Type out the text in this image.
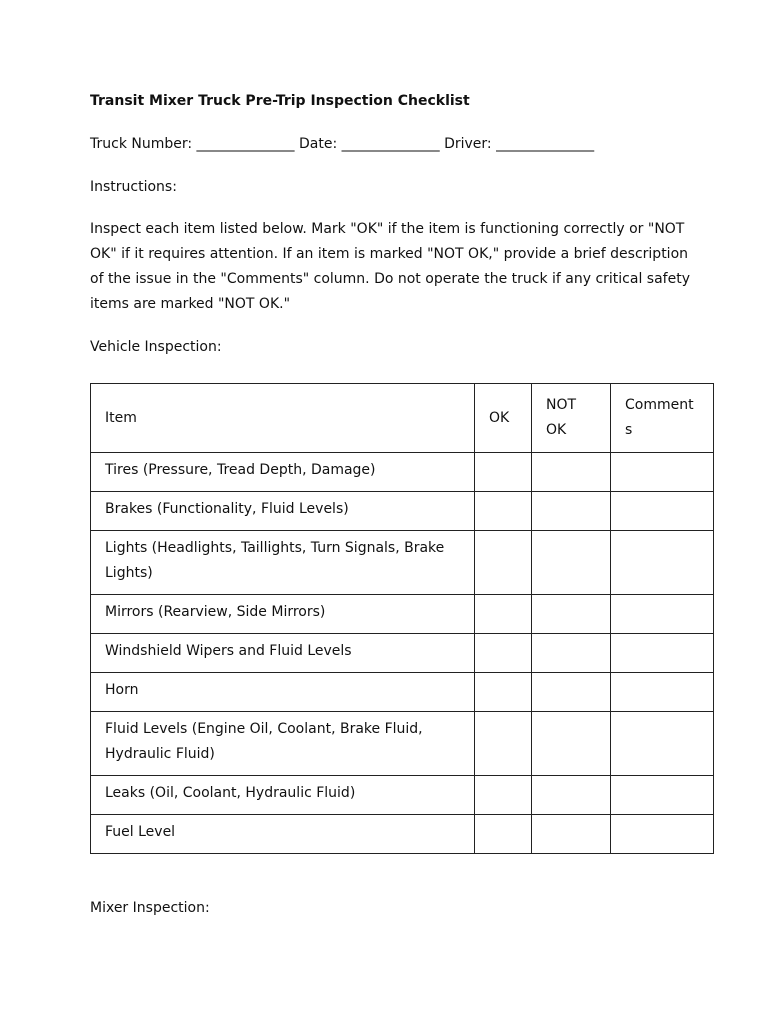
Transit Mixer Truck Pre-Trip Inspection Checklist
Truck Number: ______________ Date: ______________ Driver: ______________
Instructions:
Inspect each item listed below. Mark "OK" if the item is functioning correctly or "NOT OK" if it requires attention. If an item is marked "NOT OK," provide a brief description of the issue in the "Comments" column. Do not operate the truck if any critical safety items are marked "NOT OK."
Vehicle Inspection:
Item	OK	NOT OK	Comments
Tires (Pressure, Tread Depth, Damage)			
Brakes (Functionality, Fluid Levels)			
Lights (Headlights, Taillights, Turn Signals, Brake Lights)			
Mirrors (Rearview, Side Mirrors)			
Windshield Wipers and Fluid Levels			
Horn			
Fluid Levels (Engine Oil, Coolant, Brake Fluid, Hydraulic Fluid)			
Leaks (Oil, Coolant, Hydraulic Fluid)			
Fuel Level			
Mixer Inspection:
